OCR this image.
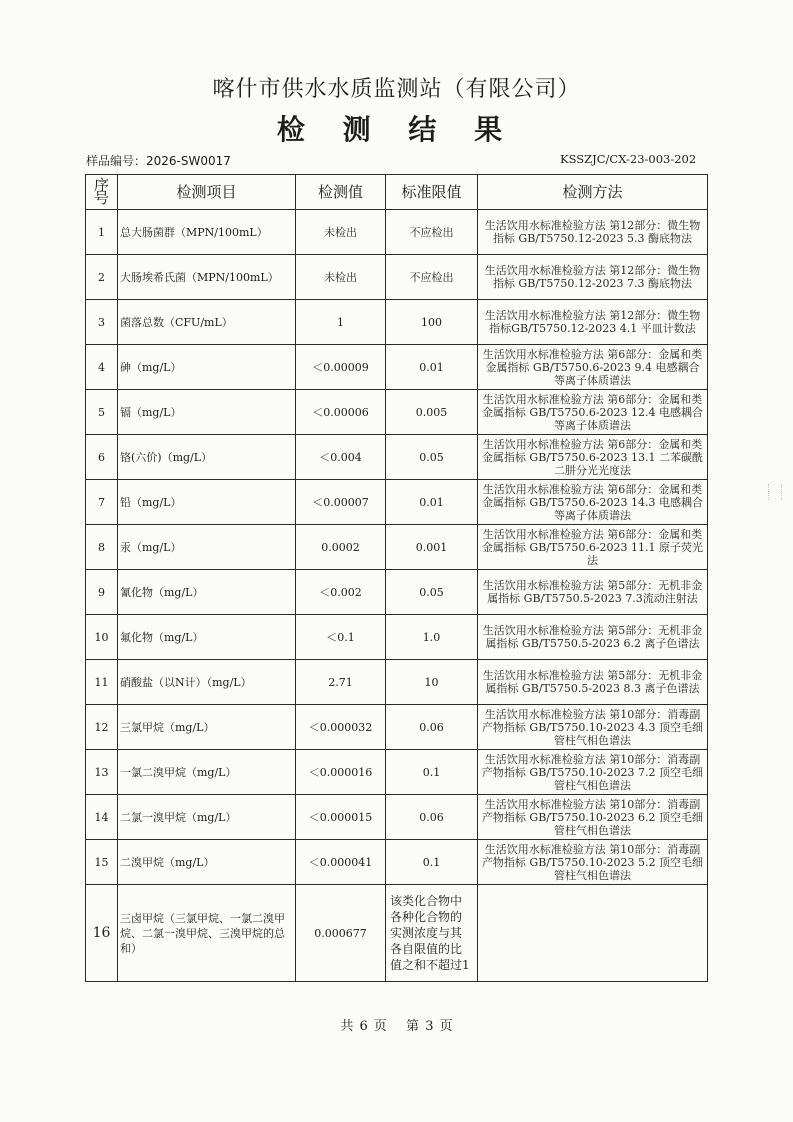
喀什市供水水质监测站（有限公司）
检 测 结 果
样品编号：2026-SW0017	KSSZJC/CX-23-003-202
序号	检测项目	检测值	标准限值	检测方法
1	总大肠菌群（MPN/100mL）	未检出	不应检出	生活饮用水标准检验方法 第12部分：微生物指标 GB/T5750.12-2023 5.3 酶底物法
2	大肠埃希氏菌（MPN/100mL）	未检出	不应检出	生活饮用水标准检验方法 第12部分：微生物指标 GB/T5750.12-2023 7.3 酶底物法
3	菌落总数（CFU/mL）	1	100	生活饮用水标准检验方法 第12部分：微生物指标GB/T5750.12-2023 4.1 平皿计数法
4	砷（mg/L）	＜0.00009	0.01	生活饮用水标准检验方法 第6部分：金属和类金属指标 GB/T5750.6-2023 9.4 电感耦合等离子体质谱法
5	镉（mg/L）	＜0.00006	0.005	生活饮用水标准检验方法 第6部分：金属和类金属指标 GB/T5750.6-2023 12.4 电感耦合等离子体质谱法
6	铬(六价)（mg/L）	＜0.004	0.05	生活饮用水标准检验方法 第6部分：金属和类金属指标 GB/T5750.6-2023 13.1 二苯碳酰二肼分光光度法
7	铅（mg/L）	＜0.00007	0.01	生活饮用水标准检验方法 第6部分：金属和类金属指标 GB/T5750.6-2023 14.3 电感耦合等离子体质谱法
8	汞（mg/L）	0.0002	0.001	生活饮用水标准检验方法 第6部分：金属和类金属指标 GB/T5750.6-2023 11.1 原子荧光法
9	氰化物（mg/L）	＜0.002	0.05	生活饮用水标准检验方法 第5部分：无机非金属指标 GB/T5750.5-2023 7.3流动注射法
10	氟化物（mg/L）	＜0.1	1.0	生活饮用水标准检验方法 第5部分：无机非金属指标 GB/T5750.5-2023 6.2 离子色谱法
11	硝酸盐（以N计）（mg/L）	2.71	10	生活饮用水标准检验方法 第5部分：无机非金属指标 GB/T5750.5-2023 8.3 离子色谱法
12	三氯甲烷（mg/L）	＜0.000032	0.06	生活饮用水标准检验方法 第10部分：消毒副产物指标 GB/T5750.10-2023 4.3 顶空毛细管柱气相色谱法
13	一氯二溴甲烷（mg/L）	＜0.000016	0.1	生活饮用水标准检验方法 第10部分：消毒副产物指标 GB/T5750.10-2023 7.2 顶空毛细管柱气相色谱法
14	二氯一溴甲烷（mg/L）	＜0.000015	0.06	生活饮用水标准检验方法 第10部分：消毒副产物指标 GB/T5750.10-2023 6.2 顶空毛细管柱气相色谱法
15	二溴甲烷（mg/L）	＜0.000041	0.1	生活饮用水标准检验方法 第10部分：消毒副产物指标 GB/T5750.10-2023 5.2 顶空毛细管柱气相色谱法
16	三卤甲烷（三氯甲烷、一氯二溴甲烷、二氯一溴甲烷、三溴甲烷的总和）	0.000677	该类化合物中各种化合物的实测浓度与其各自限值的比值之和不超过1	
共 6 页　 第 3 页
